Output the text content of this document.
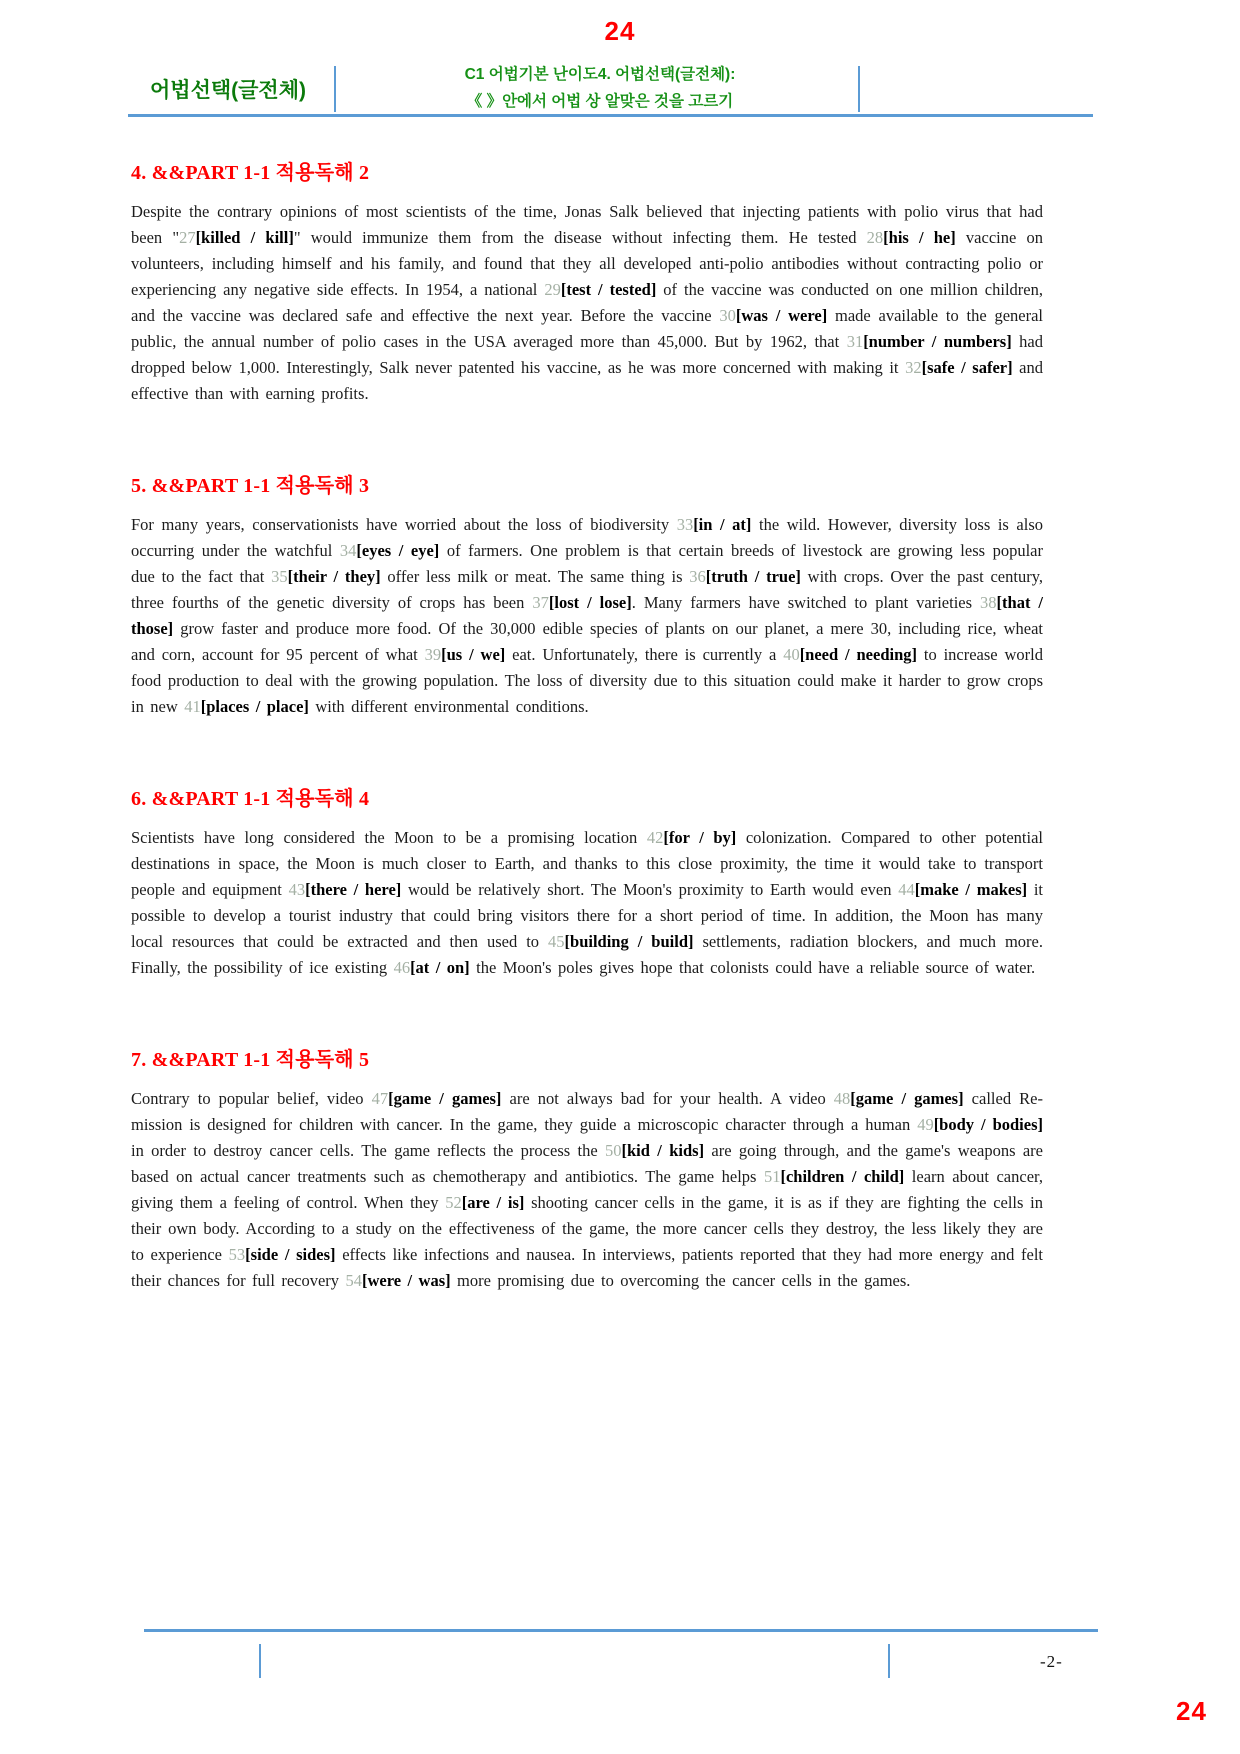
24
어법선택(글전체)
C1 어법기본 난이도4. 어법선택(글전체):
《 》안에서 어법 상 알맞은 것을 고르기
4. &&PART 1-1 적용독해 2

Despite the contrary opinions of most scientists of the time, Jonas Salk believed that injecting patients with polio virus that had been "27[killed / kill]" would immunize them from the disease without infecting them. He tested 28[his / he] vaccine on volunteers, including himself and his family, and found that they all developed anti-polio antibodies without contracting polio or experiencing any negative side effects. In 1954, a national 29[test / tested] of the vaccine was conducted on one million children, and the vaccine was declared safe and effective the next year. Before the vaccine 30[was / were] made available to the general public, the annual number of polio cases in the USA averaged more than 45,000. But by 1962, that 31[number / numbers] had dropped below 1,000. Interestingly, Salk never patented his vaccine, as he was more concerned with making it 32[safe / safer] and effective than with earning profits.

5. &&PART 1-1 적용독해 3

For many years, conservationists have worried about the loss of biodiversity 33[in / at] the wild. However, diversity loss is also occurring under the watchful 34[eyes / eye] of farmers. One problem is that certain breeds of livestock are growing less popular due to the fact that 35[their / they] offer less milk or meat. The same thing is 36[truth / true] with crops. Over the past century, three fourths of the genetic diversity of crops has been 37[lost / lose]. Many farmers have switched to plant varieties 38[that / those] grow faster and produce more food. Of the 30,000 edible species of plants on our planet, a mere 30, including rice, wheat and corn, account for 95 percent of what 39[us / we] eat. Unfortunately, there is currently a 40[need / needing] to increase world food production to deal with the growing population. The loss of diversity due to this situation could make it harder to grow crops in new 41[places / place] with different environmental conditions.

6. &&PART 1-1 적용독해 4

Scientists have long considered the Moon to be a promising location 42[for / by] colonization. Compared to other potential destinations in space, the Moon is much closer to Earth, and thanks to this close proximity, the time it would take to transport people and equipment 43[there / here] would be relatively short. The Moon's proximity to Earth would even 44[make / makes] it possible to develop a tourist industry that could bring visitors there for a short period of time. In addition, the Moon has many local resources that could be extracted and then used to 45[building / build] settlements, radiation blockers, and much more. Finally, the possibility of ice existing 46[at / on] the Moon's poles gives hope that colonists could have a reliable source of water.

7. &&PART 1-1 적용독해 5

Contrary to popular belief, video 47[game / games] are not always bad for your health. A video 48[game / games] called Re-mission is designed for children with cancer. In the game, they guide a microscopic character through a human 49[body / bodies] in order to destroy cancer cells. The game reflects the process the 50[kid / kids] are going through, and the game's weapons are based on actual cancer treatments such as chemotherapy and antibiotics. The game helps 51[children / child] learn about cancer, giving them a feeling of control. When they 52[are / is] shooting cancer cells in the game, it is as if they are fighting the cells in their own body. According to a study on the effectiveness of the game, the more cancer cells they destroy, the less likely they are to experience 53[side / sides] effects like infections and nausea. In interviews, patients reported that they had more energy and felt their chances for full recovery 54[were / was] more promising due to overcoming the cancer cells in the games.

-2-
24
